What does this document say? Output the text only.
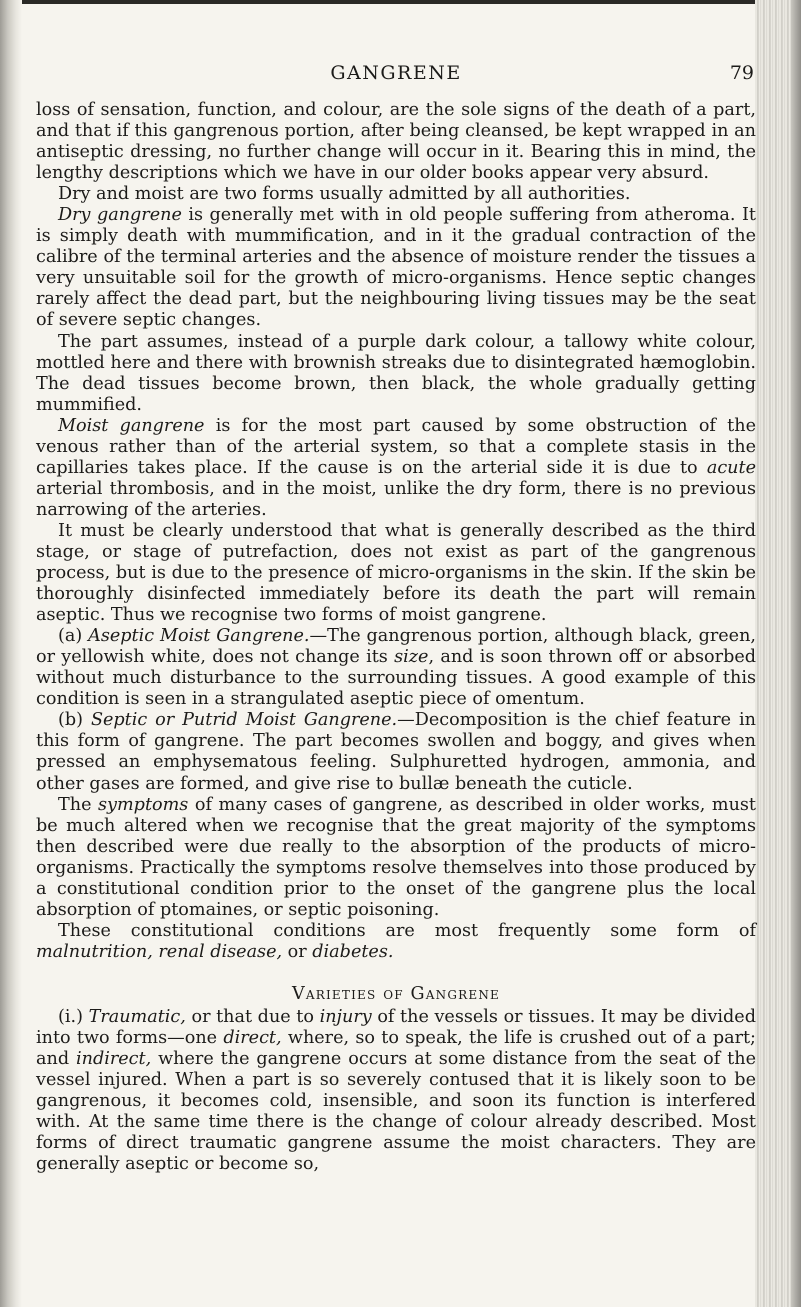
GANGRENE	79

loss of sensation, function, and colour, are the sole signs of the death of a part, and that if this gangrenous portion, after being cleansed, be kept wrapped in an antiseptic dressing, no further change will occur in it. Bearing this in mind, the lengthy descriptions which we have in our older books appear very absurd.

Dry and moist are two forms usually admitted by all authorities.

Dry gangrene is generally met with in old people suffering from atheroma. It is simply death with mummification, and in it the gradual contraction of the calibre of the terminal arteries and the absence of moisture render the tissues a very unsuitable soil for the growth of micro-organisms. Hence septic changes rarely affect the dead part, but the neighbouring living tissues may be the seat of severe septic changes.

The part assumes, instead of a purple dark colour, a tallowy white colour, mottled here and there with brownish streaks due to disintegrated hæmoglobin. The dead tissues become brown, then black, the whole gradually getting mummified.

Moist gangrene is for the most part caused by some obstruction of the venous rather than of the arterial system, so that a complete stasis in the capillaries takes place. If the cause is on the arterial side it is due to acute arterial thrombosis, and in the moist, unlike the dry form, there is no previous narrowing of the arteries.

It must be clearly understood that what is generally described as the third stage, or stage of putrefaction, does not exist as part of the gangrenous process, but is due to the presence of micro-organisms in the skin. If the skin be thoroughly disinfected immediately before its death the part will remain aseptic. Thus we recognise two forms of moist gangrene.

(a) Aseptic Moist Gangrene.—The gangrenous portion, although black, green, or yellowish white, does not change its size, and is soon thrown off or absorbed without much disturbance to the surrounding tissues. A good example of this condition is seen in a strangulated aseptic piece of omentum.

(b) Septic or Putrid Moist Gangrene.—Decomposition is the chief feature in this form of gangrene. The part becomes swollen and boggy, and gives when pressed an emphysematous feeling. Sulphuretted hydrogen, ammonia, and other gases are formed, and give rise to bullæ beneath the cuticle.

The symptoms of many cases of gangrene, as described in older works, must be much altered when we recognise that the great majority of the symptoms then described were due really to the absorption of the products of micro-organisms. Practically the symptoms resolve themselves into those produced by a constitutional condition prior to the onset of the gangrene plus the local absorption of ptomaines, or septic poisoning.

These constitutional conditions are most frequently some form of malnutrition, renal disease, or diabetes.

Varieties of Gangrene

(i.) Traumatic, or that due to injury of the vessels or tissues. It may be divided into two forms—one direct, where, so to speak, the life is crushed out of a part; and indirect, where the gangrene occurs at some distance from the seat of the vessel injured. When a part is so severely contused that it is likely soon to be gangrenous, it becomes cold, insensible, and soon its function is interfered with. At the same time there is the change of colour already described. Most forms of direct traumatic gangrene assume the moist characters. They are generally aseptic or become so,
